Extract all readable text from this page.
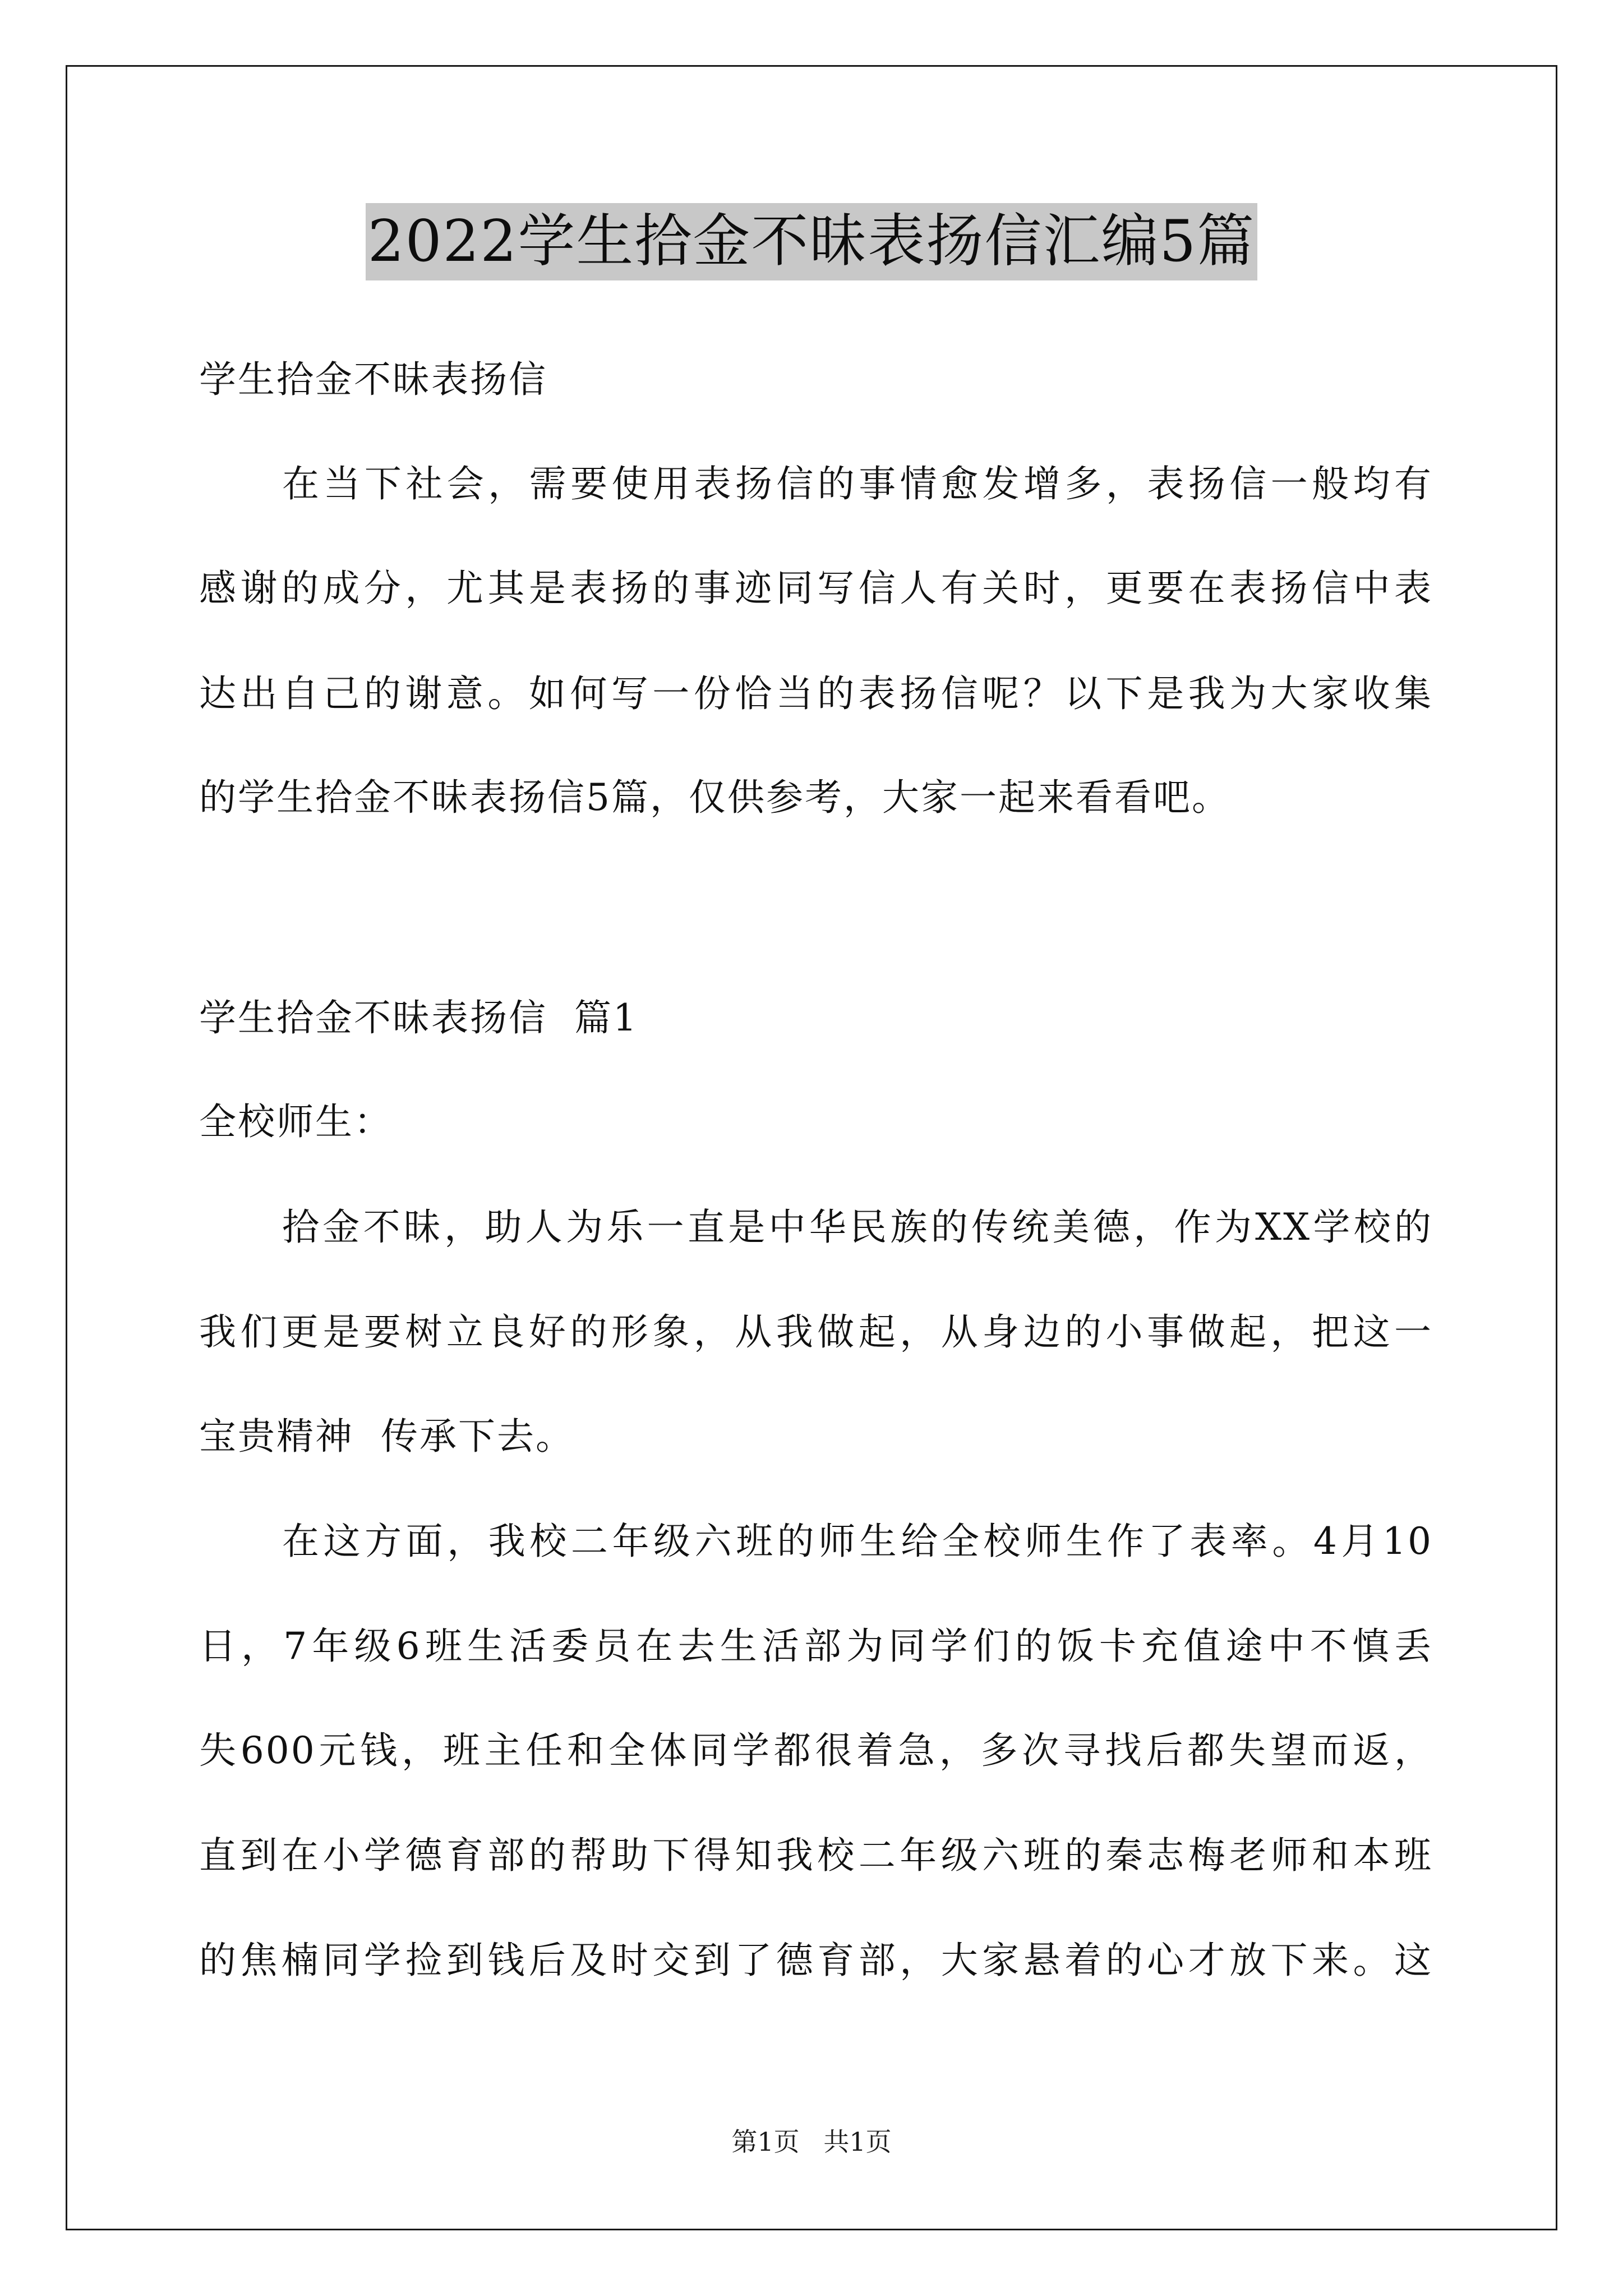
2022学生拾金不昧表扬信汇编5篇
学生拾金不昧表扬信
在当下社会，需要使用表扬信的事情愈发增多，表扬信一般均有
感谢的成分，尤其是表扬的事迹同写信人有关时，更要在表扬信中表
达出自己的谢意。如何写一份恰当的表扬信呢？以下是我为大家收集
的学生拾金不昧表扬信5篇，仅供参考，大家一起来看看吧。
学生拾金不昧表扬信  篇1
全校师生：
拾金不昧，助人为乐一直是中华民族的传统美德，作为XX学校的
我们更是要树立良好的形象，从我做起，从身边的小事做起，把这一
宝贵精神  传承下去。
在这方面，我校二年级六班的师生给全校师生作了表率。4月10
日，7年级6班生活委员在去生活部为同学们的饭卡充值途中不慎丢
失600元钱，班主任和全体同学都很着急，多次寻找后都失望而返，
直到在小学德育部的帮助下得知我校二年级六班的秦志梅老师和本班
的焦楠同学捡到钱后及时交到了德育部，大家悬着的心才放下来。这
第1页 共1页
